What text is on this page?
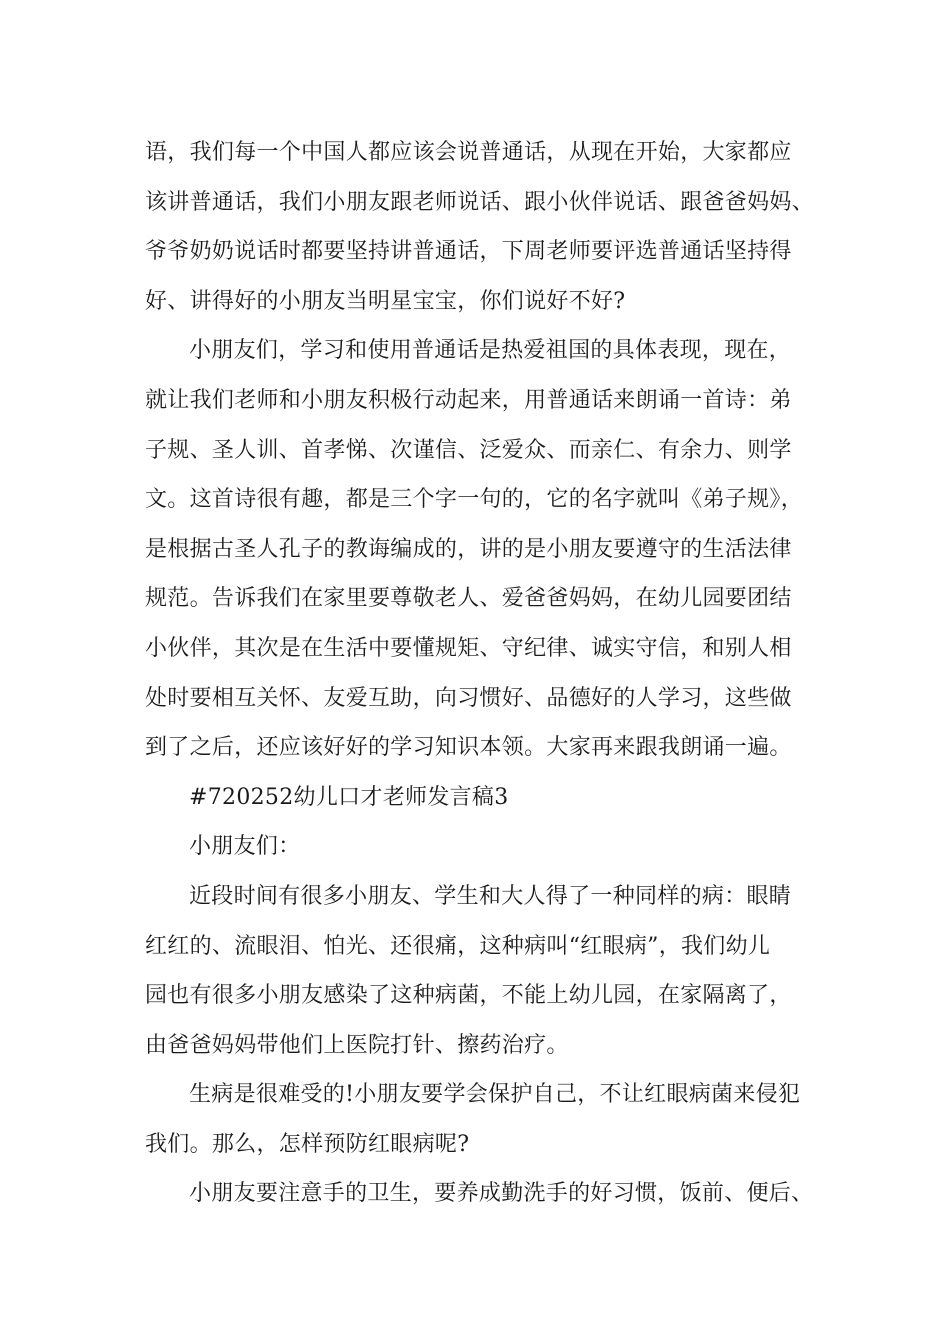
语，我们每一个中国人都应该会说普通话，从现在开始，大家都应
该讲普通话，我们小朋友跟老师说话、跟小伙伴说话、跟爸爸妈妈、
爷爷奶奶说话时都要坚持讲普通话，下周老师要评选普通话坚持得
好、讲得好的小朋友当明星宝宝，你们说好不好?
小朋友们，学习和使用普通话是热爱祖国的具体表现，现在，
就让我们老师和小朋友积极行动起来，用普通话来朗诵一首诗：弟
子规、圣人训、首孝悌、次谨信、泛爱众、而亲仁、有余力、则学
文。这首诗很有趣，都是三个字一句的，它的名字就叫《弟子规》，
是根据古圣人孔子的教诲编成的，讲的是小朋友要遵守的生活法律
规范。告诉我们在家里要尊敬老人、爱爸爸妈妈，在幼儿园要团结
小伙伴，其次是在生活中要懂规矩、守纪律、诚实守信，和别人相
处时要相互关怀、友爱互助，向习惯好、品德好的人学习，这些做
到了之后，还应该好好的学习知识本领。大家再来跟我朗诵一遍。
#720252幼儿口才老师发言稿3
小朋友们：
近段时间有很多小朋友、学生和大人得了一种同样的病：眼睛
红红的、流眼泪、怕光、还很痛，这种病叫“红眼病”，我们幼儿
园也有很多小朋友感染了这种病菌，不能上幼儿园，在家隔离了，
由爸爸妈妈带他们上医院打针、擦药治疗。
生病是很难受的!小朋友要学会保护自己，不让红眼病菌来侵犯
我们。那么，怎样预防红眼病呢?
小朋友要注意手的卫生，要养成勤洗手的好习惯，饭前、便后、
